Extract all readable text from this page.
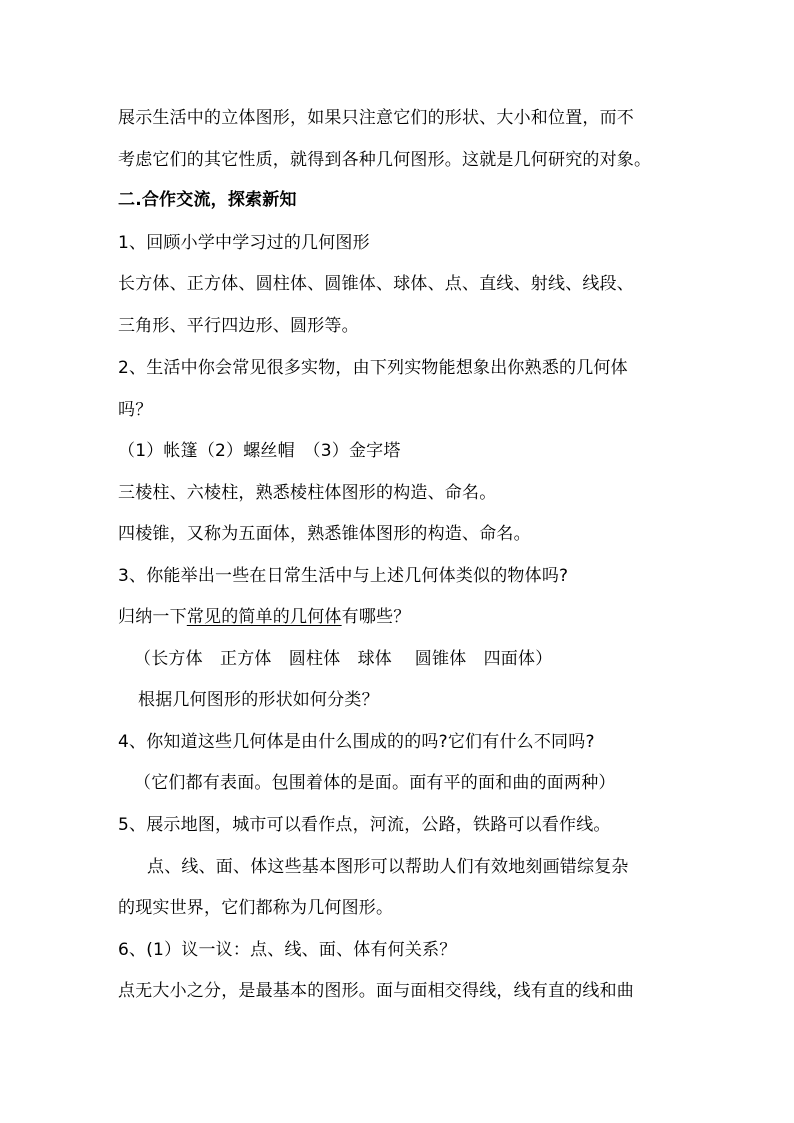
展示生活中的立体图形，如果只注意它们的形状、大小和位置，而不
考虑它们的其它性质，就得到各种几何图形。这就是几何研究的对象。
二.合作交流，探索新知
1、回顾小学中学习过的几何图形
长方体、正方体、圆柱体、圆锥体、球体、点、直线、射线、线段、
三角形、平行四边形、圆形等。
2、生活中你会常见很多实物，由下列实物能想象出你熟悉的几何体
吗？
（1）帐篷（2）螺丝帽　（3）金字塔
三棱柱、六棱柱，熟悉棱柱体图形的构造、命名。
四棱锥，又称为五面体，熟悉锥体图形的构造、命名。
3、你能举出一些在日常生活中与上述几何体类似的物体吗?
归纳一下常见的简单的几何体有哪些？
（长方体　正方体　圆柱体　球体　 圆锥体　四面体）
根据几何图形的形状如何分类？
4、你知道这些几何体是由什么围成的的吗?它们有什么不同吗?
（它们都有表面。包围着体的是面。面有平的面和曲的面两种）
5、展示地图，城市可以看作点，河流，公路，铁路可以看作线。
点、线、面、体这些基本图形可以帮助人们有效地刻画错综复杂
的现实世界，它们都称为几何图形。
6、(1）议一议：点、线、面、体有何关系？
点无大小之分，是最基本的图形。面与面相交得线，线有直的线和曲
